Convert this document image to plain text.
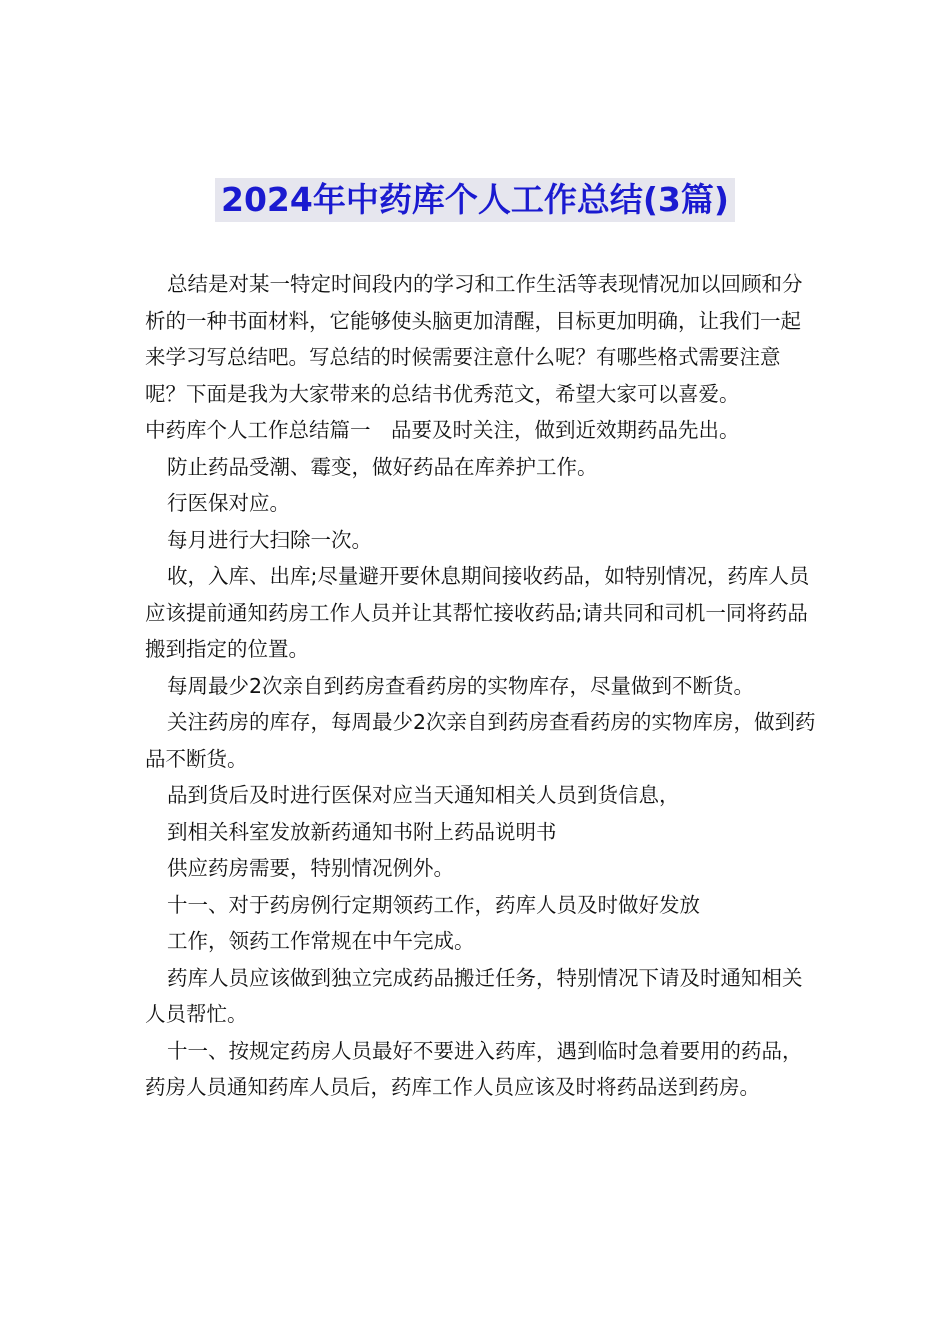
2024年中药库个人工作总结(3篇)

总结是对某一特定时间段内的学习和工作生活等表现情况加以回顾和分析的一种书面材料，它能够使头脑更加清醒，目标更加明确，让我们一起来学习写总结吧。写总结的时候需要注意什么呢？有哪些格式需要注意呢？下面是我为大家带来的总结书优秀范文，希望大家可以喜爱。

中药库个人工作总结篇一　品要及时关注，做到近效期药品先出。

防止药品受潮、霉变，做好药品在库养护工作。

行医保对应。

每月进行大扫除一次。

收，入库、出库;尽量避开要休息期间接收药品，如特别情况，药库人员应该提前通知药房工作人员并让其帮忙接收药品;请共同和司机一同将药品搬到指定的位置。

每周最少2次亲自到药房查看药房的实物库存，尽量做到不断货。

关注药房的库存，每周最少2次亲自到药房查看药房的实物库房，做到药品不断货。

品到货后及时进行医保对应当天通知相关人员到货信息，

到相关科室发放新药通知书附上药品说明书

供应药房需要，特别情况例外。

十一、对于药房例行定期领药工作，药库人员及时做好发放

工作，领药工作常规在中午完成。

药库人员应该做到独立完成药品搬迁任务，特别情况下请及时通知相关人员帮忙。

十一、按规定药房人员最好不要进入药库，遇到临时急着要用的药品，药房人员通知药库人员后，药库工作人员应该及时将药品送到药房。
